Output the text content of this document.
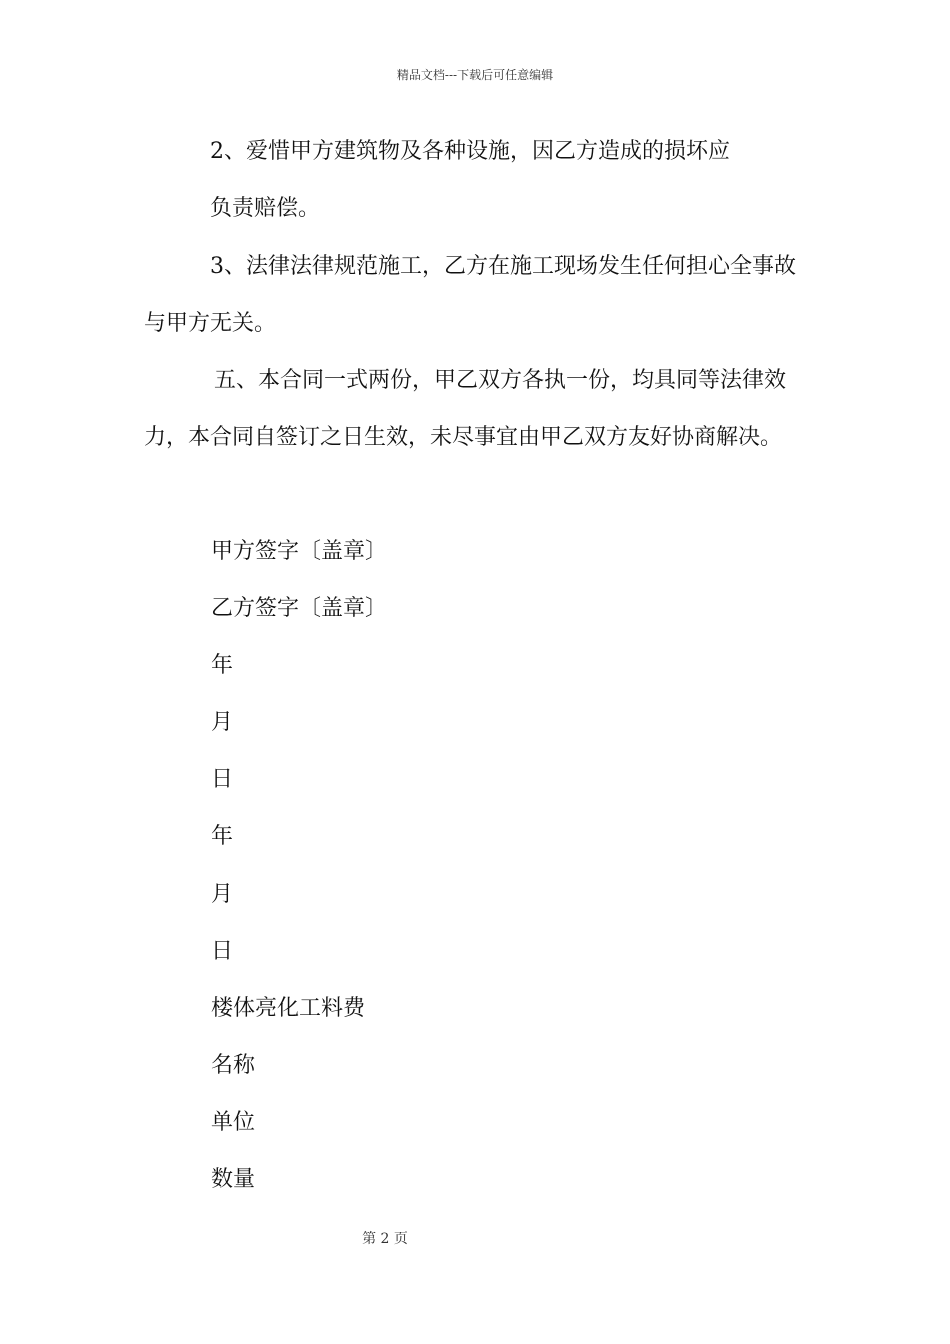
精品文档---下载后可任意编辑
2、爱惜甲方建筑物及各种设施，因乙方造成的损坏应
负责赔偿。
3、法律法律规范施工，乙方在施工现场发生任何担心全事故
与甲方无关。
五、本合同一式两份，甲乙双方各执一份，均具同等法律效
力，本合同自签订之日生效，未尽事宜由甲乙双方友好协商解决。
甲方签字〔盖章〕
乙方签字〔盖章〕
年
月
日
年
月
日
楼体亮化工料费
名称
单位
数量
第 2 页
